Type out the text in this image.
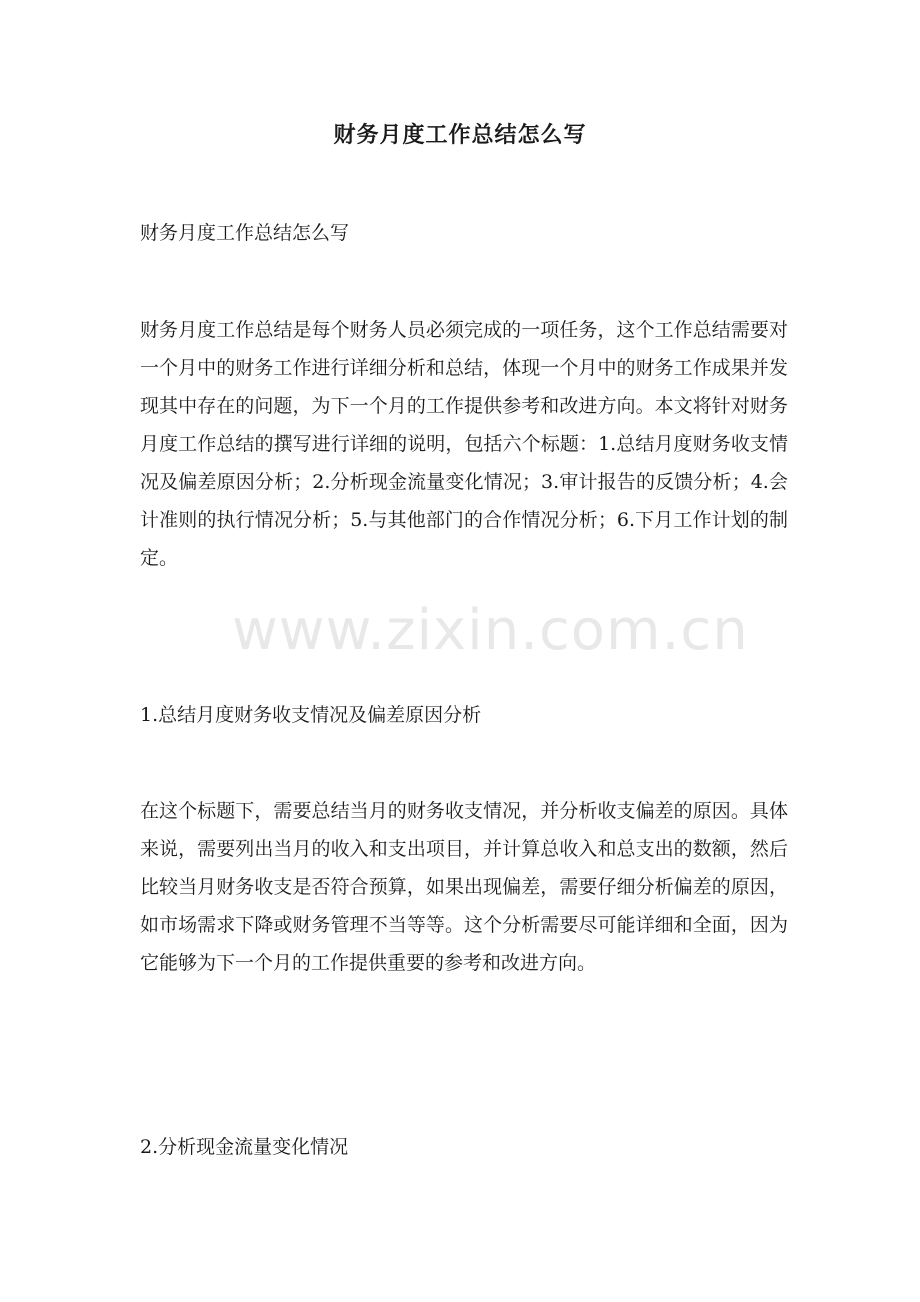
www.zixin.com.cn
财务月度工作总结怎么写

财务月度工作总结怎么写

财务月度工作总结是每个财务人员必须完成的一项任务，这个工作总结需要对一个月中的财务工作进行详细分析和总结，体现一个月中的财务工作成果并发现其中存在的问题，为下一个月的工作提供参考和改进方向。本文将针对财务月度工作总结的撰写进行详细的说明，包括六个标题：1.总结月度财务收支情况及偏差原因分析；2.分析现金流量变化情况；3.审计报告的反馈分析；4.会计准则的执行情况分析；5.与其他部门的合作情况分析；6.下月工作计划的制定。

1.总结月度财务收支情况及偏差原因分析

在这个标题下，需要总结当月的财务收支情况，并分析收支偏差的原因。具体来说，需要列出当月的收入和支出项目，并计算总收入和总支出的数额，然后比较当月财务收支是否符合预算，如果出现偏差，需要仔细分析偏差的原因，如市场需求下降或财务管理不当等等。这个分析需要尽可能详细和全面，因为它能够为下一个月的工作提供重要的参考和改进方向。

2.分析现金流量变化情况
